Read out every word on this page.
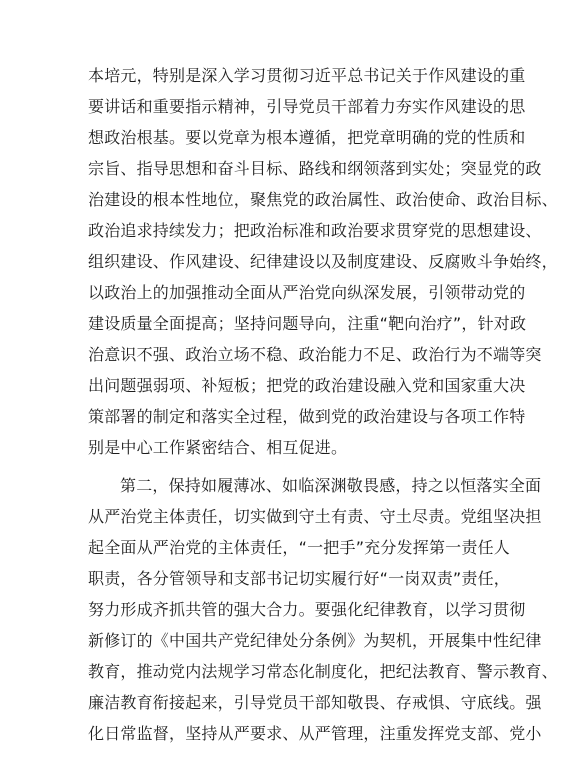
本培元，特别是深入学习贯彻习近平总书记关于作风建设的重
要讲话和重要指示精神，引导党员干部着力夯实作风建设的思
想政治根基。要以党章为根本遵循，把党章明确的党的性质和
宗旨、指导思想和奋斗目标、路线和纲领落到实处；突显党的政
治建设的根本性地位，聚焦党的政治属性、政治使命、政治目标、
政治追求持续发力；把政治标准和政治要求贯穿党的思想建设、
组织建设、作风建设、纪律建设以及制度建设、反腐败斗争始终，
以政治上的加强推动全面从严治党向纵深发展，引领带动党的
建设质量全面提高；坚持问题导向，注重“靶向治疗”，针对政
治意识不强、政治立场不稳、政治能力不足、政治行为不端等突
出问题强弱项、补短板；把党的政治建设融入党和国家重大决
策部署的制定和落实全过程，做到党的政治建设与各项工作特
别是中心工作紧密结合、相互促进。
第二，保持如履薄冰、如临深渊敬畏感，持之以恒落实全面
从严治党主体责任，切实做到守土有责、守土尽责。党组坚决担
起全面从严治党的主体责任，“一把手”充分发挥第一责任人
职责，各分管领导和支部书记切实履行好“一岗双责”责任，
努力形成齐抓共管的强大合力。要强化纪律教育，以学习贯彻
新修订的《中国共产党纪律处分条例》为契机，开展集中性纪律
教育，推动党内法规学习常态化制度化，把纪法教育、警示教育、
廉洁教育衔接起来，引导党员干部知敬畏、存戒惧、守底线。强
化日常监督，坚持从严要求、从严管理，注重发挥党支部、党小
